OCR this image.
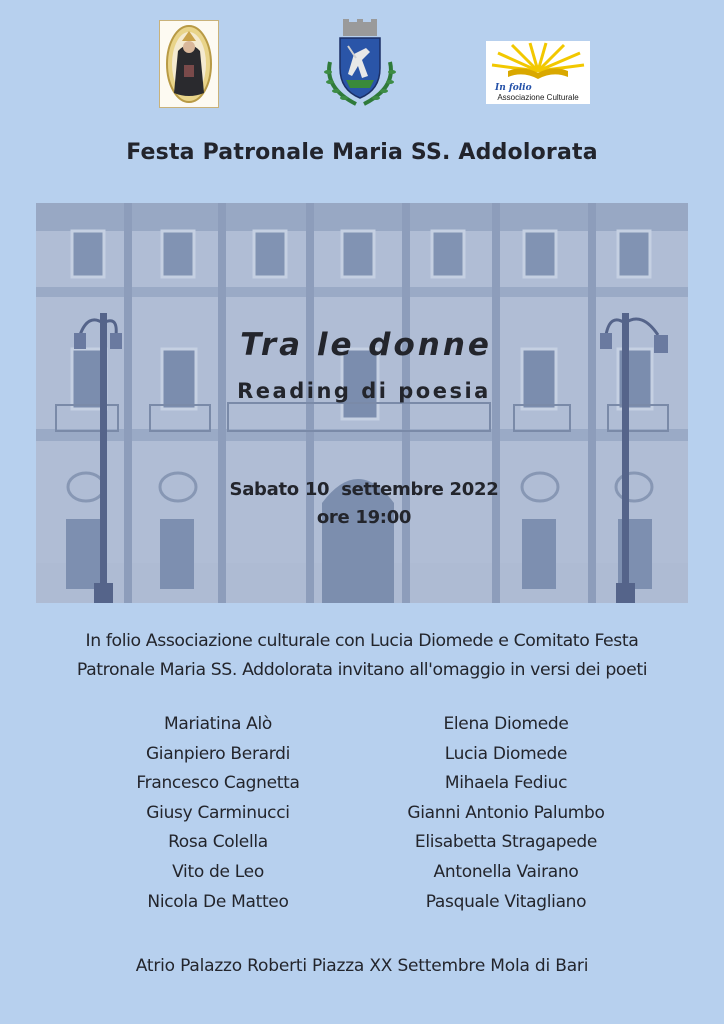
In folio
Associazione Culturale
Festa Patronale Maria SS. Addolorata
Tra le donne
Reading di poesia
Sabato 10  settembre 2022
ore 19:00
In folio Associazione culturale con Lucia Diomede e Comitato Festa
Patronale Maria SS. Addolorata invitano all'omaggio in versi dei poeti
Mariatina Alò
Gianpiero Berardi
Francesco Cagnetta
Giusy Carminucci
Rosa Colella
Vito de Leo
Nicola De Matteo
Elena Diomede
Lucia Diomede
Mihaela Fediuc
Gianni Antonio Palumbo
Elisabetta Stragapede
Antonella Vairano
Pasquale Vitagliano
Atrio Palazzo Roberti Piazza XX Settembre Mola di Bari
